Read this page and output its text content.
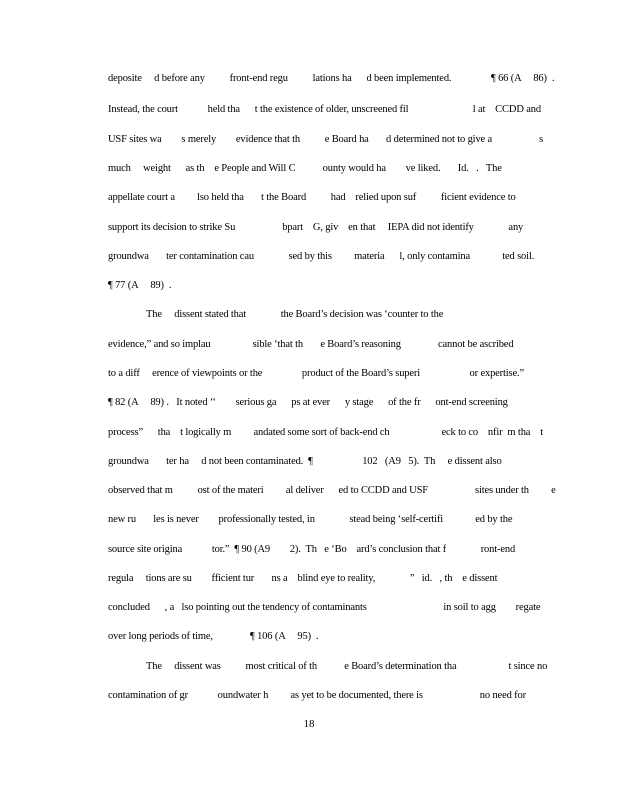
deposite     d before any          front-end regu          lations ha      d been implemented.                ¶ 66 (A     86)  .
Instead, the court            held tha      t the existence of older, unscreened fil                          l at    CCDD and
USF sites wa        s merely        evidence that th          e Board ha       d determined not to give a                   s
much     weight      as th    e People and Will C           ounty would ha        ve liked.       Id.   .   The
appellate court a         lso held tha       t the Board          had    relied upon suf          ficient evidence to
support its decision to strike Su                   bpart    G, giv    en that     IEPA did not identify              any
groundwa       ter contamination cau              sed by this         materia      l, only contamina             ted soil.
¶ 77 (A     89)  .
The     dissent stated that              the Board’s decision was ‘counter to the
evidence,” and so implau                 sible ‘that th       e Board’s reasoning               cannot be ascribed
to a diff     erence of viewpoints or the                product of the Board’s superi                    or expertise.”
¶ 82 (A     89) .   It noted ‘‘        serious ga      ps at ever      y stage      of the fr      ont-end screening
process”      tha    t logically m         andated some sort of back-end ch                     eck to co    nfir  m tha    t
groundwa       ter ha     d not been contaminated.  ¶                    102   (A9   5).  Th     e dissent also
observed that m          ost of the materi         al deliver      ed to CCDD and USF                   sites under th         e
new ru       les is never        professionally tested, in              stead being ‘self-certifi             ed by the
source site origina            tor.”  ¶ 90 (A9        2).  Th   e ‘Bo    ard’s conclusion that f              ront-end
regula     tions are su        fficient tur       ns a    blind eye to reality,              ”   id.   , th    e dissent
concluded      , a   lso pointing out the tendency of contaminants                               in soil to agg        regate
over long periods of time,               ¶ 106 (A     95)  .
The     dissent was          most critical of th           e Board’s determination tha                     t since no
contamination of gr            oundwater h         as yet to be documented, there is                       no need for
18
